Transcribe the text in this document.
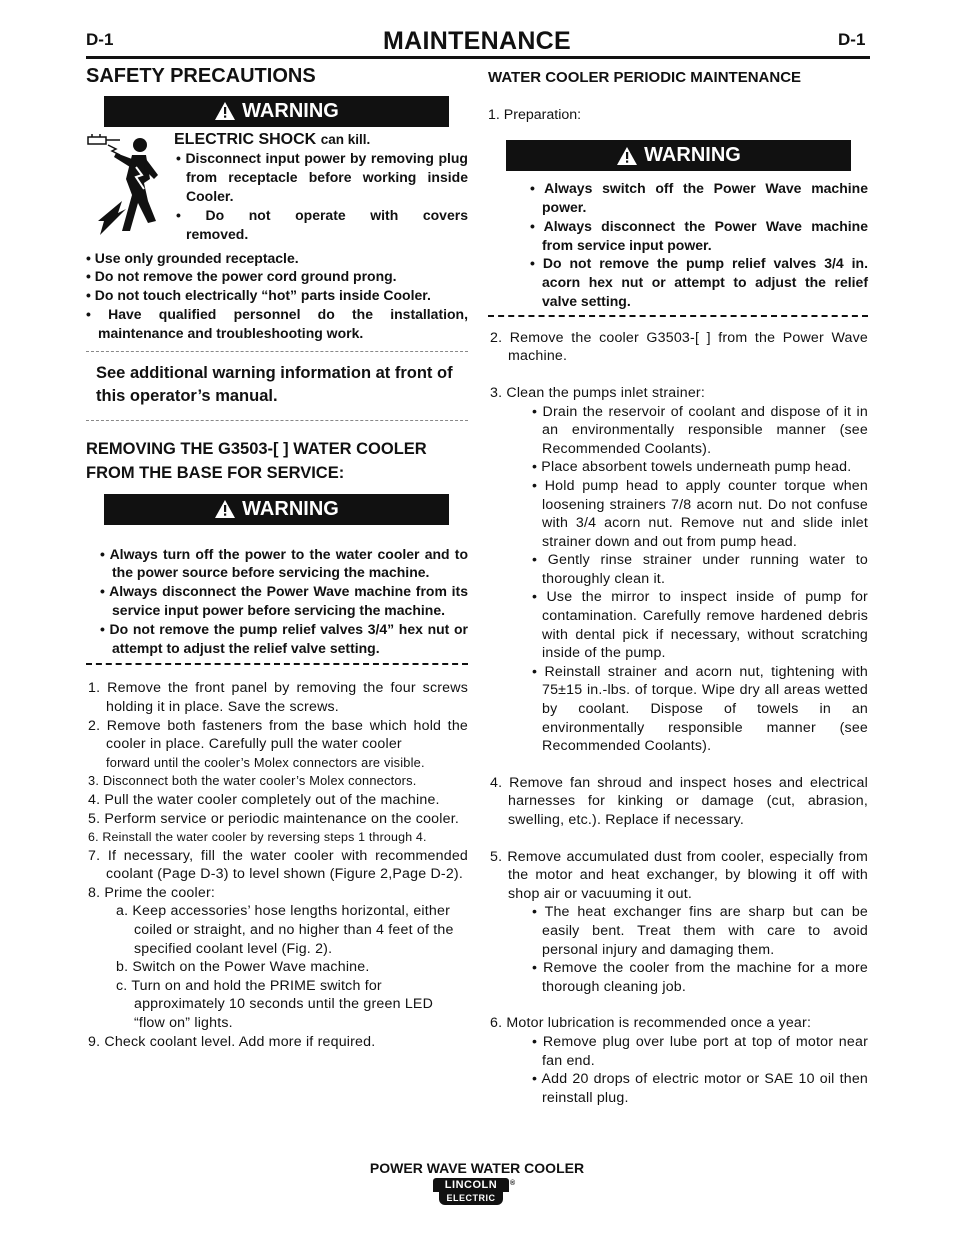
D-1	MAINTENANCE	D-1
SAFETY PRECAUTIONS
WARNING
ELECTRIC SHOCK can kill.
• Disconnect input power by removing plug from receptacle before working inside Cooler.
• Do not operate with covers removed.
• Use only grounded receptacle.
• Do not remove the power cord ground prong.
• Do not touch electrically “hot” parts inside Cooler.
• Have qualified personnel do the installation, maintenance and troubleshooting work.
See additional warning information at front of this operator’s manual.
REMOVING THE G3503-[ ] WATER COOLER FROM THE BASE FOR SERVICE:
WARNING
• Always turn off the power to the water cooler and to the power source before servicing the machine.
• Always disconnect the Power Wave machine from its service input power before servicing the machine.
• Do not remove the pump relief valves 3/4” hex nut or attempt to adjust the relief valve setting.
1. Remove the front panel by removing the four screws holding it in place. Save the screws.
2. Remove both fasteners from the base which hold the cooler in place. Carefully pull the water cooler
forward until the cooler’s Molex connectors are visible.
3. Disconnect both the water cooler’s Molex connectors.
4. Pull the water cooler completely out of the machine.
5. Perform service or periodic maintenance on the cooler.
6. Reinstall the water cooler by reversing steps 1 through 4.
7. If necessary, fill the water cooler with recommended coolant (Page D-3) to level shown (Figure 2,Page D-2).
8. Prime the cooler:
a. Keep accessories’ hose lengths horizontal, either coiled or straight, and no higher than 4 feet of the specified coolant level (Fig. 2).
b. Switch on the Power Wave machine.
c. Turn on and hold the PRIME switch for approximately 10 seconds until the green LED “flow on” lights.
9. Check coolant level. Add more if required.
WATER COOLER PERIODIC MAINTENANCE
1. Preparation:
WARNING
• Always switch off the Power Wave machine power.
• Always disconnect the Power Wave machine from service input power.
• Do not remove the pump relief valves 3/4 in. acorn hex nut or attempt to adjust the relief valve setting.
2. Remove the cooler G3503-[ ] from the Power Wave machine.
3. Clean the pumps inlet strainer:
• Drain the reservoir of coolant and dispose of it in an environmentally responsible manner (see Recommended Coolants).
• Place absorbent towels underneath pump head.
• Hold pump head to apply counter torque when loosening strainers 7/8 acorn nut. Do not confuse with 3/4 acorn nut. Remove nut and slide inlet strainer down and out from pump head.
• Gently rinse strainer under running water to thoroughly clean it.
• Use the mirror to inspect inside of pump for contamination. Carefully remove hardened debris with dental pick if necessary, without scratching inside of the pump.
• Reinstall strainer and acorn nut, tightening with 75±15 in.-lbs. of torque. Wipe dry all areas wetted by coolant. Dispose of towels in an environmentally responsible manner (see Recommended Coolants).
4. Remove fan shroud and inspect hoses and electrical harnesses for kinking or damage (cut, abrasion, swelling, etc.). Replace if necessary.
5. Remove accumulated dust from cooler, especially from the motor and heat exchanger, by blowing it off with shop air or vacuuming it out.
• The heat exchanger fins are sharp but can be easily bent. Treat them with care to avoid personal injury and damaging them.
• Remove the cooler from the machine for a more thorough cleaning job.
6. Motor lubrication is recommended once a year:
• Remove plug over lube port at top of motor near fan end.
• Add 20 drops of electric motor or SAE 10 oil then reinstall plug.
POWER WAVE WATER COOLER
LINCOLN
ELECTRIC
®
